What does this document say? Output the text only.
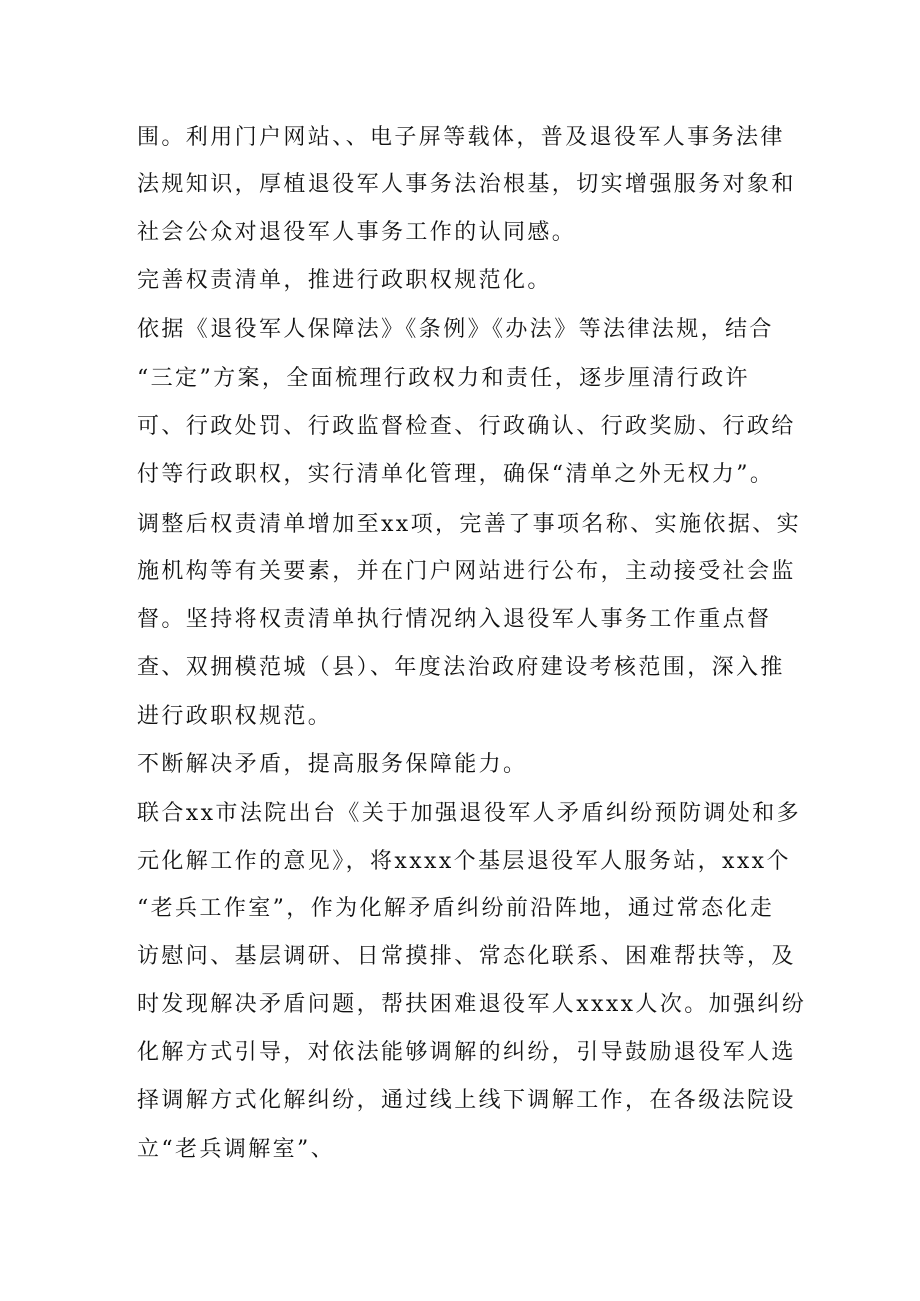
围。利用门户网站、、电子屏等载体，普及退役军人事务法律
法规知识，厚植退役军人事务法治根基，切实增强服务对象和
社会公众对退役军人事务工作的认同感。
完善权责清单，推进行政职权规范化。
依据《退役军人保障法》《条例》《办法》等法律法规，结合
“三定”方案，全面梳理行政权力和责任，逐步厘清行政许
可、行政处罚、行政监督检查、行政确认、行政奖励、行政给
付等行政职权，实行清单化管理，确保“清单之外无权力”。
调整后权责清单增加至xx项，完善了事项名称、实施依据、实
施机构等有关要素，并在门户网站进行公布，主动接受社会监
督。坚持将权责清单执行情况纳入退役军人事务工作重点督
查、双拥模范城（县）、年度法治政府建设考核范围，深入推
进行政职权规范。
不断解决矛盾，提高服务保障能力。
联合xx市法院出台《关于加强退役军人矛盾纠纷预防调处和多
元化解工作的意见》，将xxxx个基层退役军人服务站，xxx个
“老兵工作室”，作为化解矛盾纠纷前沿阵地，通过常态化走
访慰问、基层调研、日常摸排、常态化联系、困难帮扶等，及
时发现解决矛盾问题，帮扶困难退役军人xxxx人次。加强纠纷
化解方式引导，对依法能够调解的纠纷，引导鼓励退役军人选
择调解方式化解纠纷，通过线上线下调解工作，在各级法院设
立“老兵调解室”、
